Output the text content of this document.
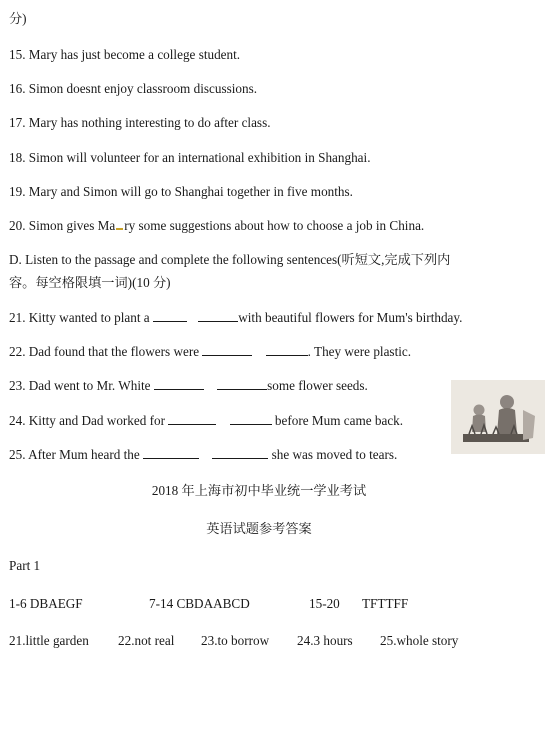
分)
15. Mary has just become a college student.
16. Simon doesnt enjoy classroom discussions.
17. Mary has nothing interesting to do after class.
18. Simon will volunteer for an international exhibition in Shanghai.
19. Mary and Simon will go to Shanghai together in five months.
20. Simon gives Ma ry some suggestions about how to choose a job in China.
D. Listen to the passage and complete the following sentences(听短文,完成下列内
容。每空格限填一词)(10 分)
21. Kitty wanted to plant a	with beautiful flowers for Mum's birthday.
22. Dad found that the flowers were	. They were plastic.
23. Dad went to Mr. White	some flower seeds.
24. Kitty and Dad worked for	before Mum came back.
25. After Mum heard the	she was moved to tears.
2018 年上海市初中毕业统一学业考试
英语试题参考答案
Part 1
1-6 DBAEGF	7-14 CBDAABCD	15-20 TFTTFF
21.little garden 22.not real 23.to borrow 24.3 hours 25.whole story
